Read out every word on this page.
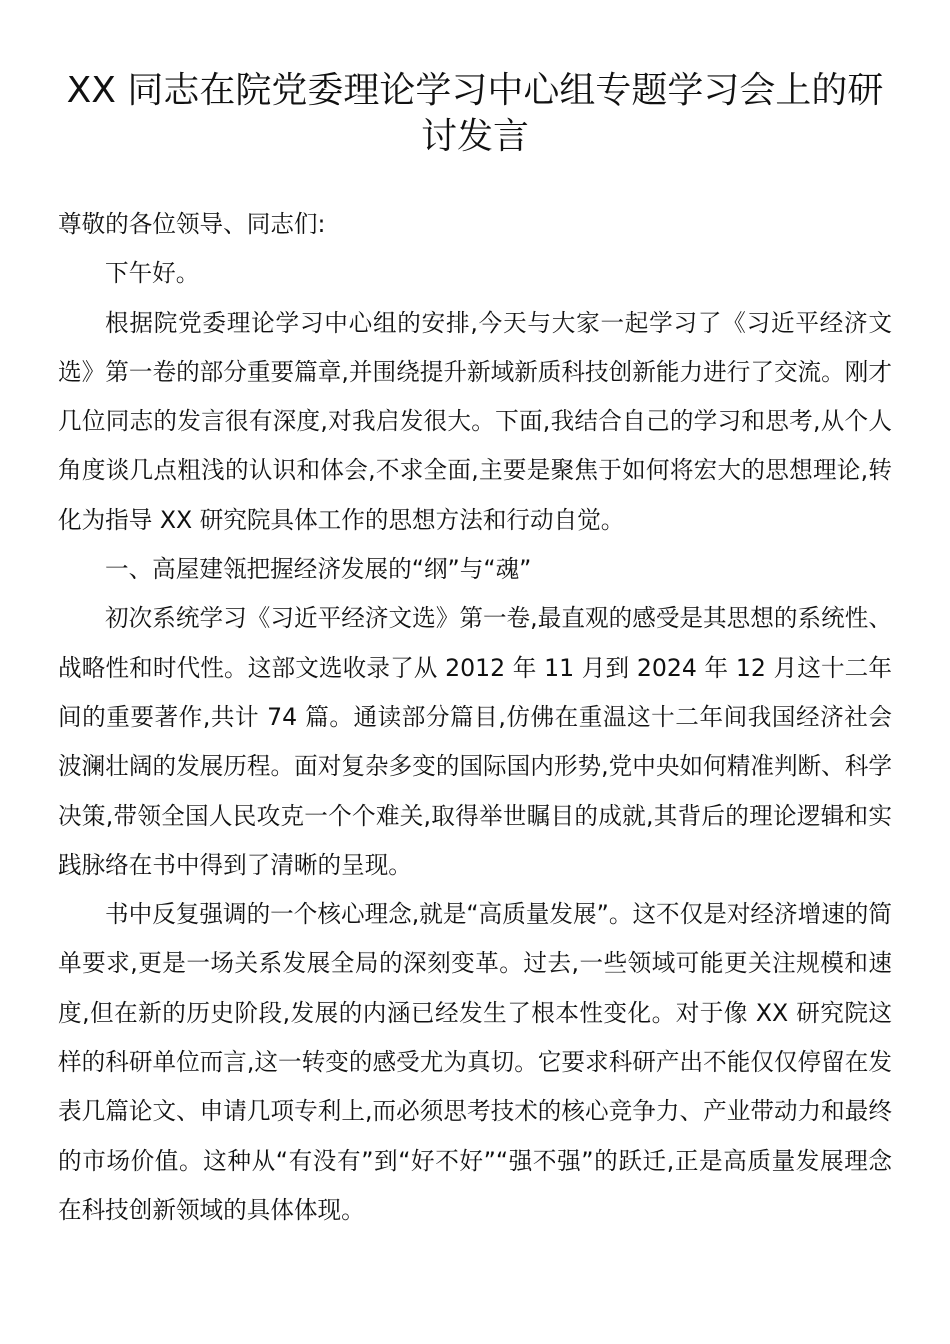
XX 同志在院党委理论学习中心组专题学习会上的研讨发言

尊敬的各位领导、同志们:

下午好。

根据院党委理论学习中心组的安排,今天与大家一起学习了《习近平经济文选》第一卷的部分重要篇章,并围绕提升新域新质科技创新能力进行了交流。刚才几位同志的发言很有深度,对我启发很大。下面,我结合自己的学习和思考,从个人角度谈几点粗浅的认识和体会,不求全面,主要是聚焦于如何将宏大的思想理论,转化为指导 XX 研究院具体工作的思想方法和行动自觉。

一、高屋建瓴把握经济发展的“纲”与“魂”

初次系统学习《习近平经济文选》第一卷,最直观的感受是其思想的系统性、战略性和时代性。这部文选收录了从 2012 年 11 月到 2024 年 12 月这十二年间的重要著作,共计 74 篇。通读部分篇目,仿佛在重温这十二年间我国经济社会波澜壮阔的发展历程。面对复杂多变的国际国内形势,党中央如何精准判断、科学决策,带领全国人民攻克一个个难关,取得举世瞩目的成就,其背后的理论逻辑和实践脉络在书中得到了清晰的呈现。

书中反复强调的一个核心理念,就是“高质量发展”。这不仅是对经济增速的简单要求,更是一场关系发展全局的深刻变革。过去,一些领域可能更关注规模和速度,但在新的历史阶段,发展的内涵已经发生了根本性变化。对于像 XX 研究院这样的科研单位而言,这一转变的感受尤为真切。它要求科研产出不能仅仅停留在发表几篇论文、申请几项专利上,而必须思考技术的核心竞争力、产业带动力和最终的市场价值。这种从“有没有”到“好不好”“强不强”的跃迁,正是高质量发展理念在科技创新领域的具体体现。
